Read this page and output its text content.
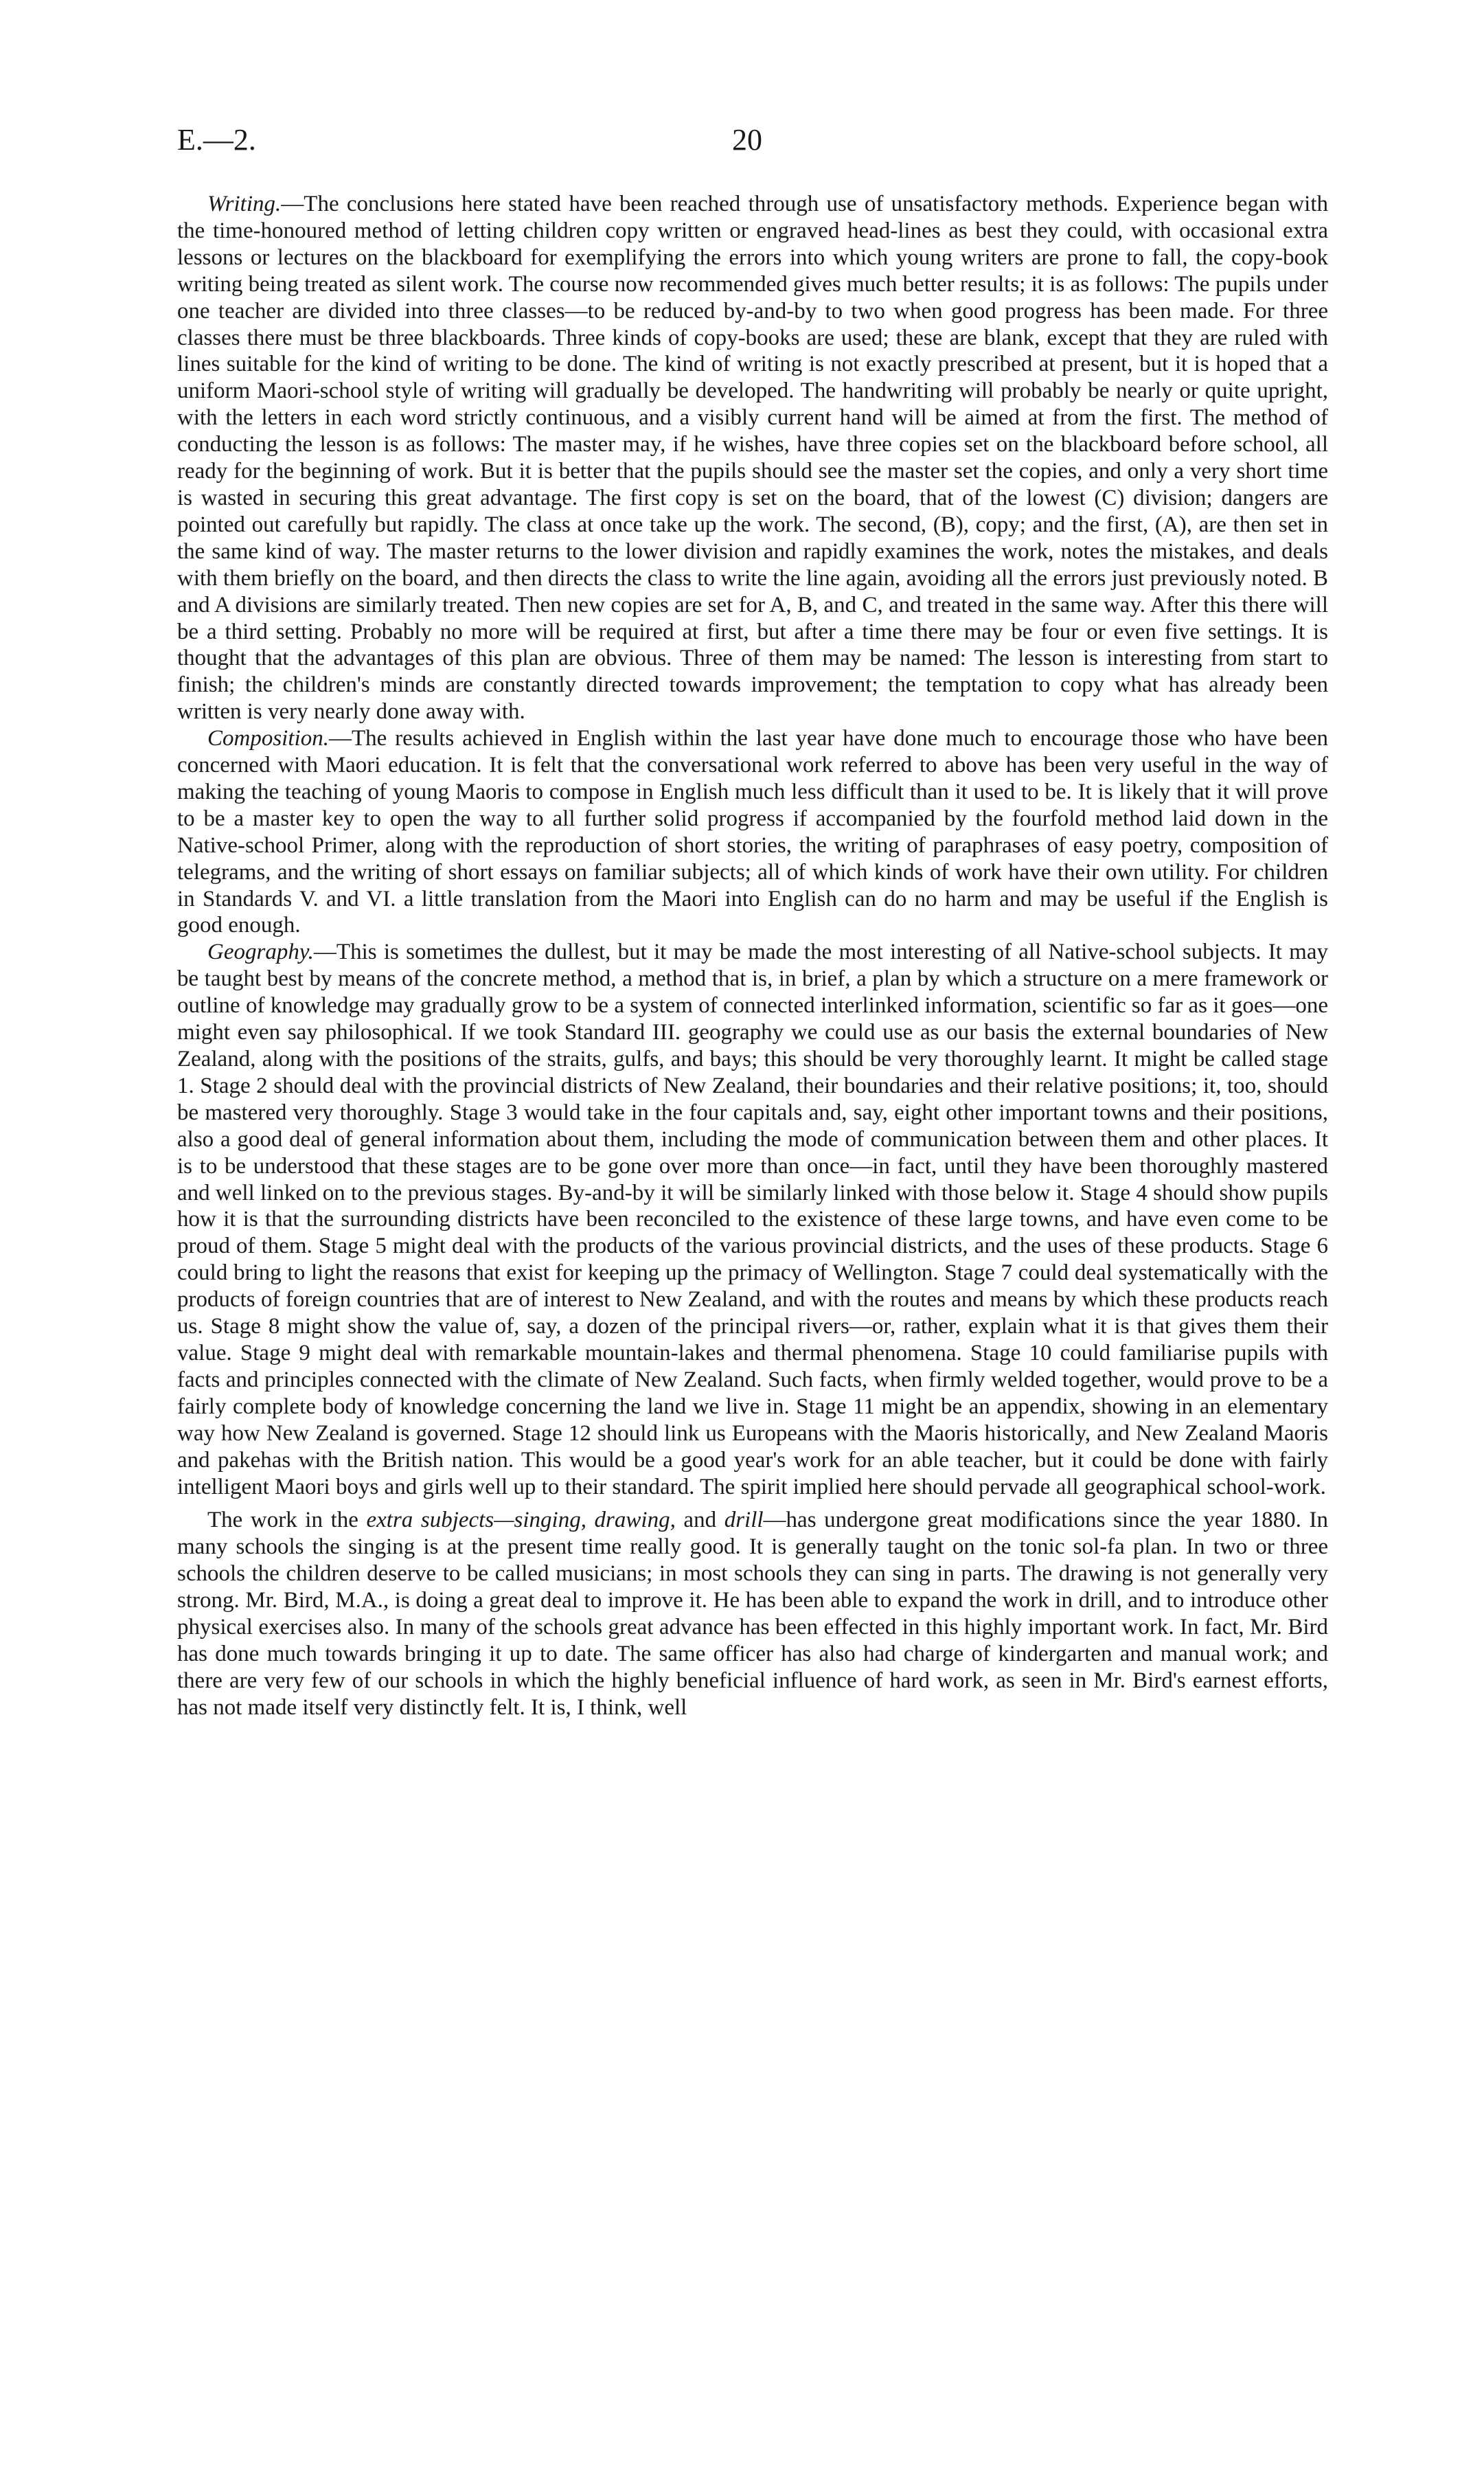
E.—2.	20

Writing.—The conclusions here stated have been reached through use of unsatisfactory methods. Experience began with the time-honoured method of letting children copy written or engraved head-lines as best they could, with occasional extra lessons or lectures on the blackboard for exemplifying the errors into which young writers are prone to fall, the copy-book writing being treated as silent work. The course now recommended gives much better results; it is as follows: The pupils under one teacher are divided into three classes—to be reduced by-and-by to two when good progress has been made. For three classes there must be three blackboards. Three kinds of copy-books are used; these are blank, except that they are ruled with lines suitable for the kind of writing to be done. The kind of writing is not exactly prescribed at present, but it is hoped that a uniform Maori-school style of writing will gradually be developed. The handwriting will probably be nearly or quite upright, with the letters in each word strictly continuous, and a visibly current hand will be aimed at from the first. The method of conducting the lesson is as follows: The master may, if he wishes, have three copies set on the blackboard before school, all ready for the beginning of work. But it is better that the pupils should see the master set the copies, and only a very short time is wasted in securing this great advantage. The first copy is set on the board, that of the lowest (C) division; dangers are pointed out carefully but rapidly. The class at once take up the work. The second, (B), copy; and the first, (A), are then set in the same kind of way. The master returns to the lower division and rapidly examines the work, notes the mistakes, and deals with them briefly on the board, and then directs the class to write the line again, avoiding all the errors just previously noted. B and A divisions are similarly treated. Then new copies are set for A, B, and C, and treated in the same way. After this there will be a third setting. Probably no more will be required at first, but after a time there may be four or even five settings. It is thought that the advantages of this plan are obvious. Three of them may be named: The lesson is interesting from start to finish; the children's minds are constantly directed towards improvement; the temptation to copy what has already been written is very nearly done away with.

Composition.—The results achieved in English within the last year have done much to encourage those who have been concerned with Maori education. It is felt that the conversational work referred to above has been very useful in the way of making the teaching of young Maoris to compose in English much less difficult than it used to be. It is likely that it will prove to be a master key to open the way to all further solid progress if accompanied by the fourfold method laid down in the Native-school Primer, along with the reproduction of short stories, the writing of paraphrases of easy poetry, composition of telegrams, and the writing of short essays on familiar subjects; all of which kinds of work have their own utility. For children in Standards V. and VI. a little translation from the Maori into English can do no harm and may be useful if the English is good enough.

Geography.—This is sometimes the dullest, but it may be made the most interesting of all Native-school subjects. It may be taught best by means of the concrete method, a method that is, in brief, a plan by which a structure on a mere framework or outline of knowledge may gradually grow to be a system of connected interlinked information, scientific so far as it goes—one might even say philosophical. If we took Standard III. geography we could use as our basis the external boundaries of New Zealand, along with the positions of the straits, gulfs, and bays; this should be very thoroughly learnt. It might be called stage 1. Stage 2 should deal with the provincial districts of New Zealand, their boundaries and their relative positions; it, too, should be mastered very thoroughly. Stage 3 would take in the four capitals and, say, eight other important towns and their positions, also a good deal of general information about them, including the mode of communication between them and other places. It is to be understood that these stages are to be gone over more than once—in fact, until they have been thoroughly mastered and well linked on to the previous stages. By-and-by it will be similarly linked with those below it. Stage 4 should show pupils how it is that the surrounding districts have been reconciled to the existence of these large towns, and have even come to be proud of them. Stage 5 might deal with the products of the various provincial districts, and the uses of these products. Stage 6 could bring to light the reasons that exist for keeping up the primacy of Wellington. Stage 7 could deal systematically with the products of foreign countries that are of interest to New Zealand, and with the routes and means by which these products reach us. Stage 8 might show the value of, say, a dozen of the principal rivers—or, rather, explain what it is that gives them their value. Stage 9 might deal with remarkable mountain-lakes and thermal phenomena. Stage 10 could familiarise pupils with facts and principles connected with the climate of New Zealand. Such facts, when firmly welded together, would prove to be a fairly complete body of knowledge concerning the land we live in. Stage 11 might be an appendix, showing in an elementary way how New Zealand is governed. Stage 12 should link us Europeans with the Maoris historically, and New Zealand Maoris and pakehas with the British nation. This would be a good year's work for an able teacher, but it could be done with fairly intelligent Maori boys and girls well up to their standard. The spirit implied here should pervade all geographical school-work.

The work in the extra subjects—singing, drawing, and drill—has undergone great modifications since the year 1880. In many schools the singing is at the present time really good. It is generally taught on the tonic sol-fa plan. In two or three schools the children deserve to be called musicians; in most schools they can sing in parts. The drawing is not generally very strong. Mr. Bird, M.A., is doing a great deal to improve it. He has been able to expand the work in drill, and to introduce other physical exercises also. In many of the schools great advance has been effected in this highly important work. In fact, Mr. Bird has done much towards bringing it up to date. The same officer has also had charge of kindergarten and manual work; and there are very few of our schools in which the highly beneficial influence of hard work, as seen in Mr. Bird's earnest efforts, has not made itself very distinctly felt. It is, I think, well
